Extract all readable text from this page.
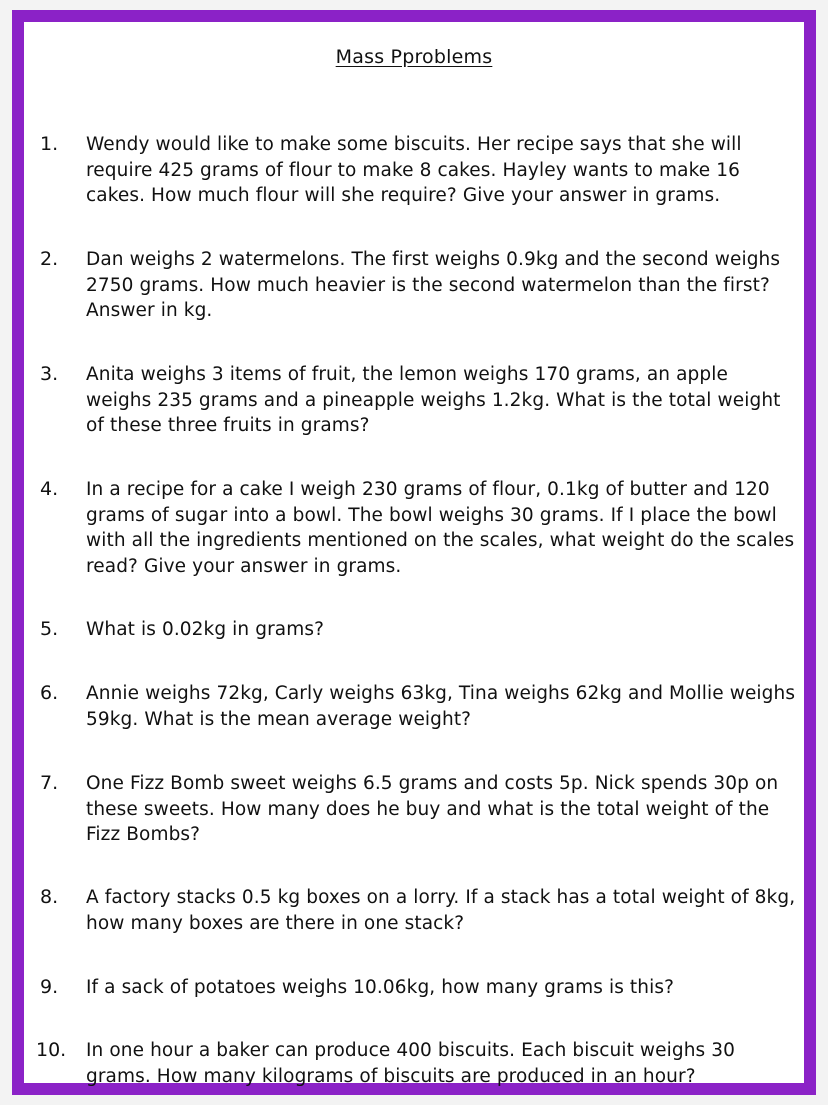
Mass Pproblems
1. Wendy would like to make some biscuits. Her recipe says that she will require 425 grams of flour to make 8 cakes. Hayley wants to make 16 cakes. How much flour will she require? Give your answer in grams.
2. Dan weighs 2 watermelons. The first weighs 0.9kg and the second weighs 2750 grams. How much heavier is the second watermelon than the first? Answer in kg.
3. Anita weighs 3 items of fruit, the lemon weighs 170 grams, an apple weighs 235 grams and a pineapple weighs 1.2kg. What is the total weight of these three fruits in grams?
4. In a recipe for a cake I weigh 230 grams of flour, 0.1kg of butter and 120 grams of sugar into a bowl. The bowl weighs 30 grams. If I place the bowl with all the ingredients mentioned on the scales, what weight do the scales read? Give your answer in grams.
5. What is 0.02kg in grams?
6. Annie weighs 72kg, Carly weighs 63kg, Tina weighs 62kg and Mollie weighs 59kg. What is the mean average weight?
7. One Fizz Bomb sweet weighs 6.5 grams and costs 5p. Nick spends 30p on these sweets. How many does he buy and what is the total weight of the Fizz Bombs?
8. A factory stacks 0.5 kg boxes on a lorry. If a stack has a total weight of 8kg, how many boxes are there in one stack?
9. If a sack of potatoes weighs 10.06kg, how many grams is this?
10. In one hour a baker can produce 400 biscuits. Each biscuit weighs 30 grams. How many kilograms of biscuits are produced in an hour?
